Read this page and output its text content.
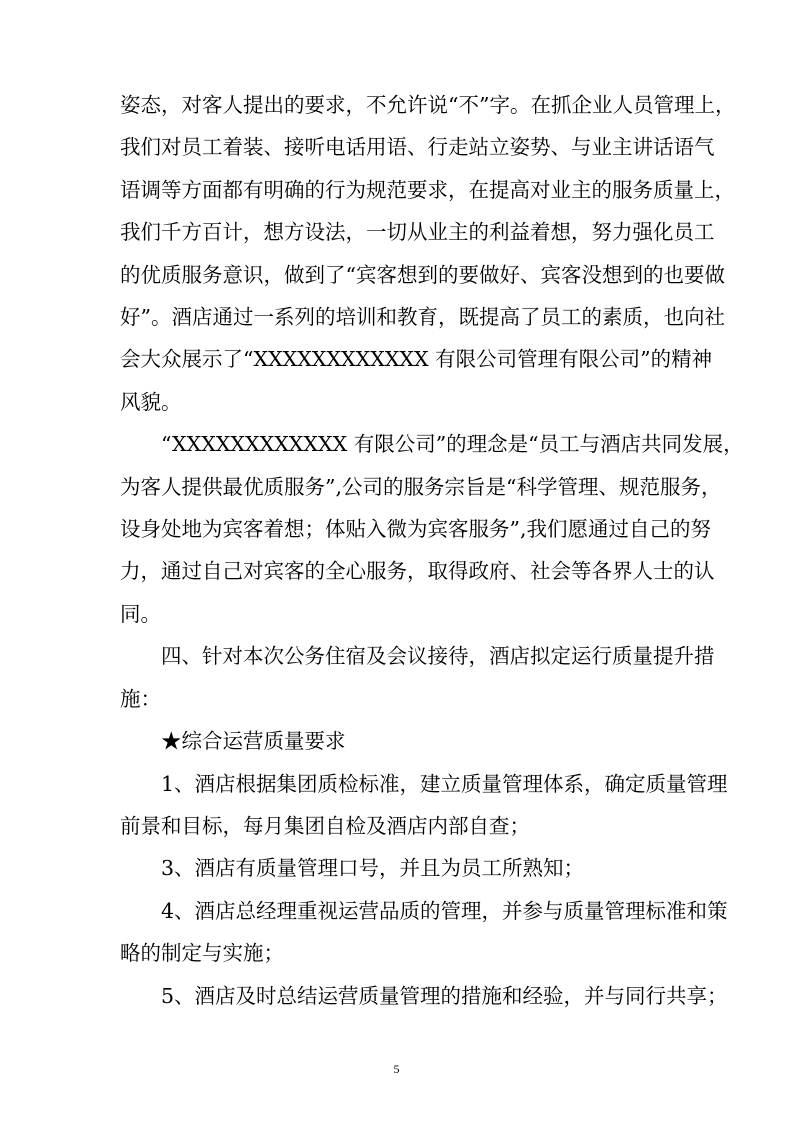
姿态，对客人提出的要求，不允许说“不”字。在抓企业人员管理上，
我们对员工着装、接听电话用语、行走站立姿势、与业主讲话语气
语调等方面都有明确的行为规范要求，在提高对业主的服务质量上，
我们千方百计，想方设法，一切从业主的利益着想，努力强化员工
的优质服务意识，做到了“宾客想到的要做好、宾客没想到的也要做
好”。酒店通过一系列的培训和教育，既提高了员工的素质，也向社
会大众展示了“XXXXXXXXXXXX 有限公司管理有限公司”的精神
风貌。

“XXXXXXXXXXXX 有限公司”的理念是“员工与酒店共同发展，
为客人提供最优质服务”,公司的服务宗旨是“科学管理、规范服务，
设身处地为宾客着想；体贴入微为宾客服务”,我们愿通过自己的努
力，通过自己对宾客的全心服务，取得政府、社会等各界人士的认
同。

四、针对本次公务住宿及会议接待，酒店拟定运行质量提升措
施：

★综合运营质量要求

1、酒店根据集团质检标准，建立质量管理体系，确定质量管理
前景和目标，每月集团自检及酒店内部自查；

3、酒店有质量管理口号，并且为员工所熟知；

4、酒店总经理重视运营品质的管理，并参与质量管理标准和策
略的制定与实施；

5、酒店及时总结运营质量管理的措施和经验，并与同行共享；

5
